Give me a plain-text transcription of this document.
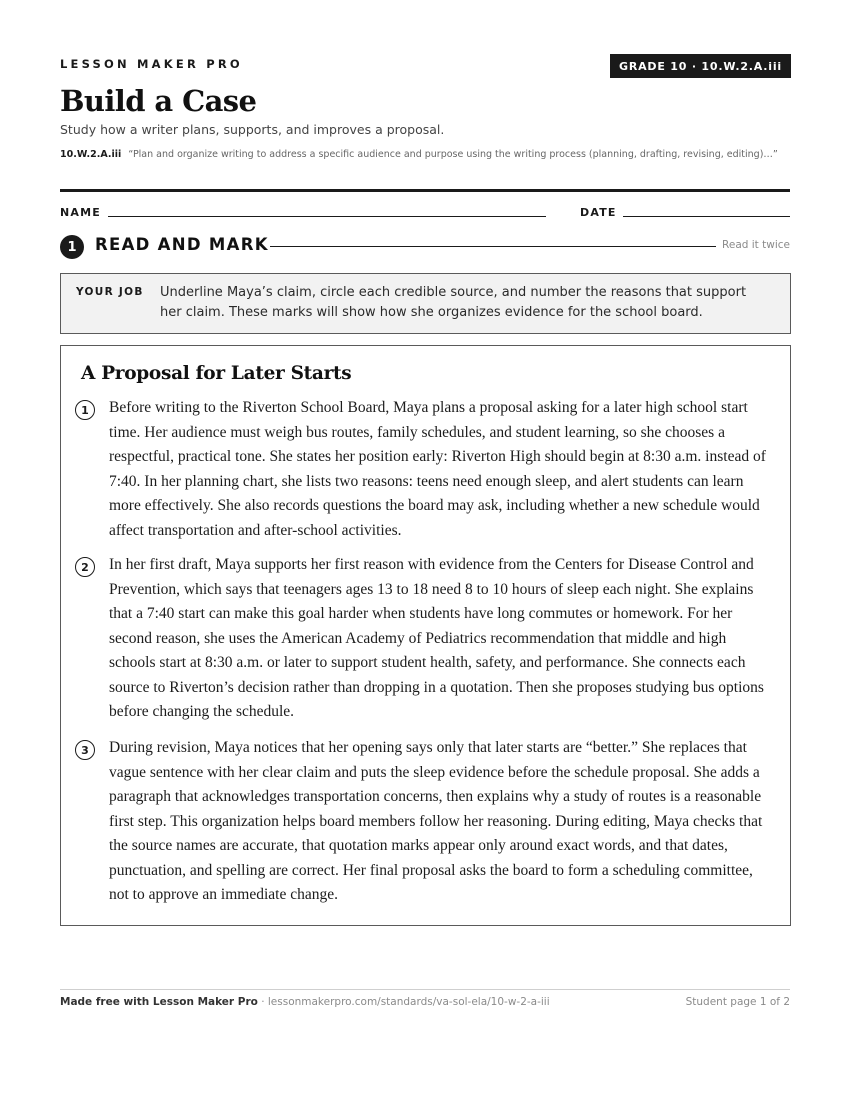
LESSON MAKER PRO	GRADE 10 · 10.W.2.A.iii
Build a Case
Study how a writer plans, supports, and improves a proposal.
10.W.2.A.iii “Plan and organize writing to address a specific audience and purpose using the writing process (planning, drafting, revising, editing)…”
NAME	DATE
1	READ AND MARK	Read it twice
YOUR JOB Underline Maya’s claim, circle each credible source, and number the reasons that support her claim. These marks will show how she organizes evidence for the school board.
A Proposal for Later Starts
1	Before writing to the Riverton School Board, Maya plans a proposal asking for a later high school start time. Her audience must weigh bus routes, family schedules, and student learning, so she chooses a respectful, practical tone. She states her position early: Riverton High should begin at 8:30 a.m. instead of 7:40. In her planning chart, she lists two reasons: teens need enough sleep, and alert students can learn more effectively. She also records questions the board may ask, including whether a new schedule would affect transportation and after-school activities.
2	In her first draft, Maya supports her first reason with evidence from the Centers for Disease Control and Prevention, which says that teenagers ages 13 to 18 need 8 to 10 hours of sleep each night. She explains that a 7:40 start can make this goal harder when students have long commutes or homework. For her second reason, she uses the American Academy of Pediatrics recommendation that middle and high schools start at 8:30 a.m. or later to support student health, safety, and performance. She connects each source to Riverton’s decision rather than dropping in a quotation. Then she proposes studying bus options before changing the schedule.
3	During revision, Maya notices that her opening says only that later starts are “better.” She replaces that vague sentence with her clear claim and puts the sleep evidence before the schedule proposal. She adds a paragraph that acknowledges transportation concerns, then explains why a study of routes is a reasonable first step. This organization helps board members follow her reasoning. During editing, Maya checks that the source names are accurate, that quotation marks appear only around exact words, and that dates, punctuation, and spelling are correct. Her final proposal asks the board to form a scheduling committee, not to approve an immediate change.
Made free with Lesson Maker Pro · lessonmakerpro.com/standards/va-sol-ela/10-w-2-a-iii	Student page 1 of 2
